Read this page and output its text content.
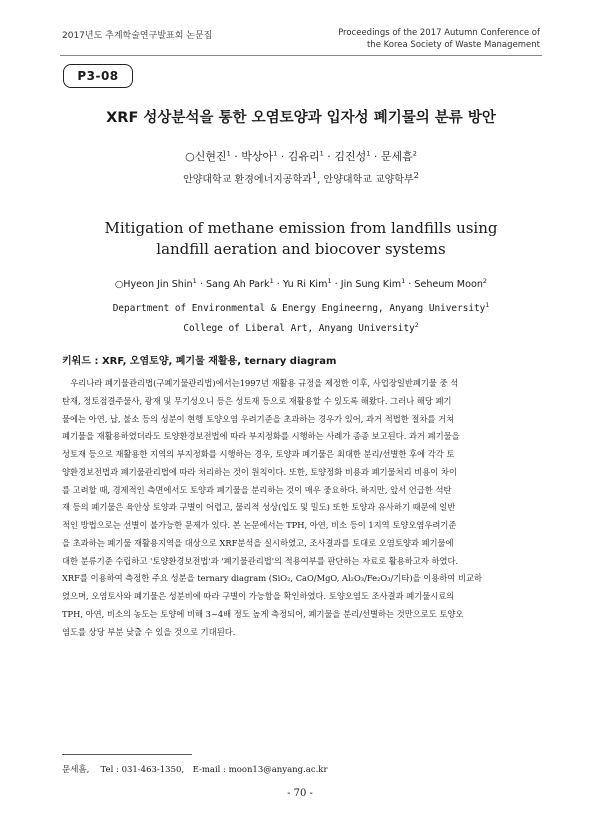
2017년도 추계학술연구발표회 논문집	Proceedings of the 2017 Autumn Conference of
the Korea Society of Waste Management
P3-08
XRF 성상분석을 통한 오염토양과 입자성 폐기물의 분류 방안
○신현진$^1$ · 박상아$^1$ · 김유리$^1$ · 김진성$^1$ · 문세흠$^2$
안양대학교 환경에너지공학과$^1$, 안양대학교 교양학부$^2$
Mitigation of methane emission from landfills using
landfill aeration and biocover systems
○Hyeon Jin Shin$^1$ · Sang Ah Park$^1$ · Yu Ri Kim$^1$ · Jin Sung Kim$^1$ · Seheum Moon$^2$
Department of Environmental & Energy Engineerng, Anyang University$^1$
College of Liberal Art, Anyang University$^2$
키워드 : XRF, 오염토양, 폐기물 재활용, ternary diagram
　우리나라 폐기물관리법(구폐기물관리법)에서는1997년 재활용 규정을 제정한 이후, 사업장일반폐기물 중 석
탄재, 정토점결주물사, 광재 및 무기성오니 등은 성토재 등으로 재활용할 수 있도록 해왔다. 그러나 해당 폐기
물에는 아연, 납, 불소 등의 성분이 현행 토양오염 우려기준을 초과하는 경우가 있어, 과거 적법한 절차를 거쳐
폐기물을 재활용하였더라도 토양환경보전법에 따라 부지정화를 시행하는 사례가 종종 보고된다. 과거 폐기물을
성토재 등으로 재활용한 지역의 부지정화를 시행하는 경우, 토양과 폐기물은 최대한 분리/선별한 후에 각각 토
양환경보전법과 폐기물관리법에 따라 처리하는 것이 원칙이다. 또한, 토양정화 비용과 폐기물처리 비용이 차이
를 고려할 때, 경제적인 측면에서도 토양과 폐기물을 분리하는 것이 매우 중요하다. 하지만, 앞서 언급한 석탄
재 등의 폐기물은 육안상 토양과 구별이 어렵고, 물리적 성상(입도 및 밀도) 또한 토양과 유사하기 때문에 일반
적인 방법으로는 선별이 불가능한 문제가 있다. 본 논문에서는 TPH, 아연, 비소 등이 1지역 토양오염우려기준
을 초과하는 폐기물 재활용지역을 대상으로 XRF분석을 실시하였고, 조사결과를 토대로 오염토양과 폐기물에
대한 분류기준 수립하고 '토양환경보전법'과 '폐기물관리법'의 적용여부를 판단하는 자료로 활용하고자 하였다.
XRF를 이용하여 측정한 주요 성분을 ternary diagram (SiO₂, CaO/MgO, Al₂O₃/Fe₂O₃/기타)을 이용하여 비교하
였으며, 오염토사와 폐기물은 성분비에 따라 구별이 가능함을 확인하였다. 토양오염도 조사결과 폐기물시료의
TPH, 아연, 비소의 농도는 토양에 비해 3~4배 정도 높게 측정되어, 폐기물을 분리/선별하는 것만으로도 토양오
염도를 상당 부분 낮출 수 있을 것으로 기대된다.
문세흠,　 Tel : 031-463-1350,　E-mail : moon13@anyang.ac.kr
- 70 -
